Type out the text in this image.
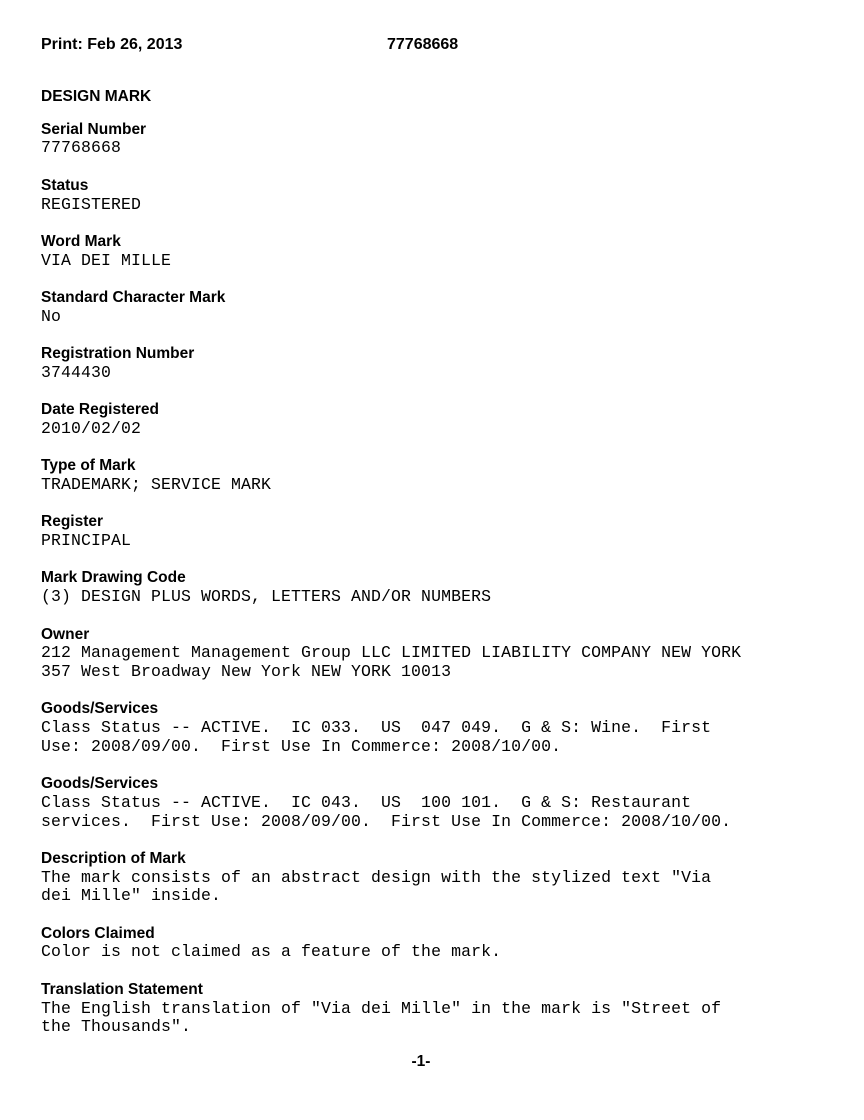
Print: Feb 26, 2013	77768668
DESIGN MARK
Serial Number
77768668
Status
REGISTERED
Word Mark
VIA DEI MILLE
Standard Character Mark
No
Registration Number
3744430
Date Registered
2010/02/02
Type of Mark
TRADEMARK; SERVICE MARK
Register
PRINCIPAL
Mark Drawing Code
(3) DESIGN PLUS WORDS, LETTERS AND/OR NUMBERS
Owner
212 Management Management Group LLC LIMITED LIABILITY COMPANY NEW YORK
357 West Broadway New York NEW YORK 10013
Goods/Services
Class Status -- ACTIVE.  IC 033.  US  047 049.  G & S: Wine.  First
Use: 2008/09/00.  First Use In Commerce: 2008/10/00.
Goods/Services
Class Status -- ACTIVE.  IC 043.  US  100 101.  G & S: Restaurant
services.  First Use: 2008/09/00.  First Use In Commerce: 2008/10/00.
Description of Mark
The mark consists of an abstract design with the stylized text "Via
dei Mille" inside.
Colors Claimed
Color is not claimed as a feature of the mark.
Translation Statement
The English translation of "Via dei Mille" in the mark is "Street of
the Thousands".
-1-
